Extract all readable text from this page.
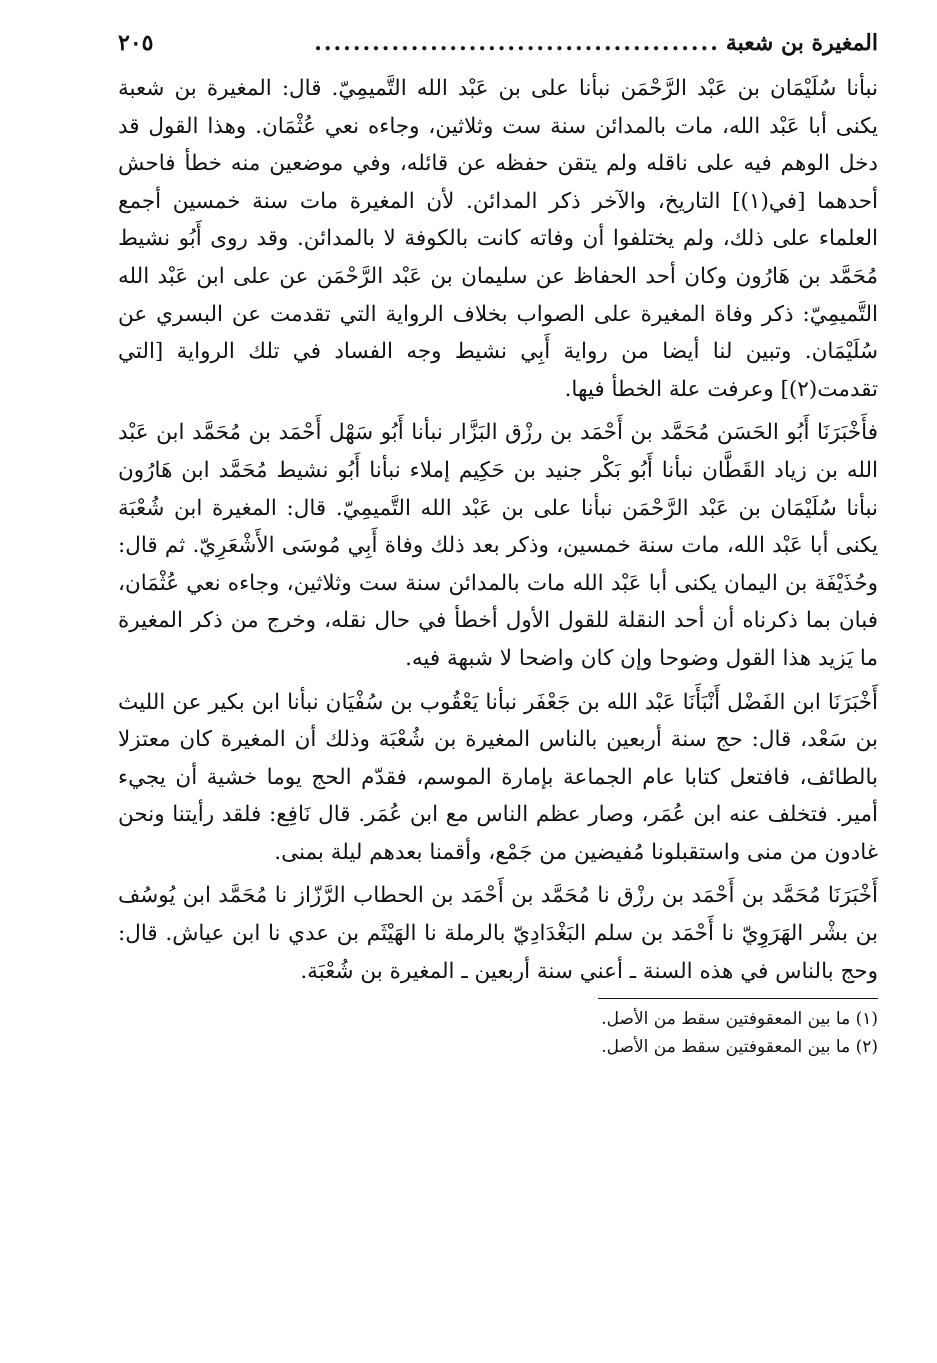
المغيرة بن شعبة
..........................................
٢٠٥

نبأنا سُلَيْمَان بن عَبْد الرَّحْمَن نبأنا على بن عَبْد الله التَّميمِيّ. قال: المغيرة بن شعبة يكنى أبا عَبْد الله، مات بالمدائن سنة ست وثلاثين، وجاءه نعي عُثْمَان. وهذا القول قد دخل الوهم فيه على ناقله ولم يتقن حفظه عن قائله، وفي موضعين منه خطأ فاحش أحدهما [في(١)] التاريخ، والآخر ذكر المدائن. لأن المغيرة مات سنة خمسين أجمع العلماء على ذلك، ولم يختلفوا أن وفاته كانت بالكوفة لا بالمدائن. وقد روى أَبُو نشيط مُحَمَّد بن هَارُون وكان أحد الحفاظ عن سليمان بن عَبْد الرَّحْمَن عن على ابن عَبْد الله التَّميمِيّ: ذكر وفاة المغيرة على الصواب بخلاف الرواية التي تقدمت عن البسري عن سُلَيْمَان. وتبين لنا أيضا من رواية أَبِي نشيط وجه الفساد في تلك الرواية [التي تقدمت(٢)] وعرفت علة الخطأ فيها.

فأَخْبَرَنَا أَبُو الحَسَن مُحَمَّد بن أَحْمَد بن رزْق البَزَّار نبأنا أَبُو سَهْل أَحْمَد بن مُحَمَّد ابن عَبْد الله بن زياد القَطَّان نبأنا أَبُو بَكْر جنيد بن حَكِيم إملاء نبأنا أَبُو نشيط مُحَمَّد ابن هَارُون نبأنا سُلَيْمَان بن عَبْد الرَّحْمَن نبأنا على بن عَبْد الله التَّميمِيّ. قال: المغيرة ابن شُعْبَة يكنى أبا عَبْد الله، مات سنة خمسين، وذكر بعد ذلك وفاة أَبِي مُوسَى الأَشْعَرِيّ. ثم قال: وحُذَيْفَة بن اليمان يكنى أبا عَبْد الله مات بالمدائن سنة ست وثلاثين، وجاءه نعي عُثْمَان، فبان بما ذكرناه أن أحد النقلة للقول الأول أخطأ في حال نقله، وخرج من ذكر المغيرة ما يَزيد هذا القول وضوحا وإن كان واضحا لا شبهة فيه.

أَخْبَرَنَا ابن الفَضْل أَنْبَأَنَا عَبْد الله بن جَعْفَر نبأنا يَعْقُوب بن سُفْيَان نبأنا ابن بكير عن الليث بن سَعْد، قال: حج سنة أربعين بالناس المغيرة بن شُعْبَة وذلك أن المغيرة كان معتزلا بالطائف، فافتعل كتابا عام الجماعة بإمارة الموسم، فقدّم الحج يوما خشية أن يجيء أمير. فتخلف عنه ابن عُمَر، وصار عظم الناس مع ابن عُمَر. قال نَافِع: فلقد رأيتنا ونحن غادون من منى واستقبلونا مُفيضين من جَمْع، وأقمنا بعدهم ليلة بمنى.

أَخْبَرَنَا مُحَمَّد بن أَحْمَد بن رزْق نا مُحَمَّد بن أَحْمَد بن الحطاب الرَّزّاز نا مُحَمَّد ابن يُوسُف بن بشْر الهَرَوِيّ نا أَحْمَد بن سلم البَغْدَادِيّ بالرملة نا الهَيْثَم بن عدي نا ابن عياش. قال: وحج بالناس في هذه السنة ـ أعني سنة أربعين ـ المغيرة بن شُعْبَة.

(١) ما بين المعقوفتين سقط من الأصل.

(٢) ما بين المعقوفتين سقط من الأصل.
